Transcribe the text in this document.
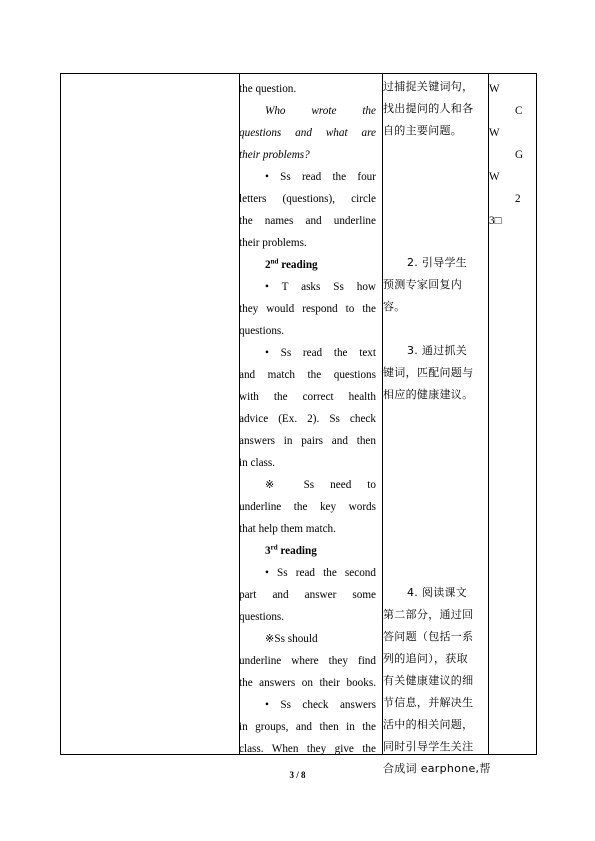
the question.
Who wrote the
questions and what are
their problems?
• Ss read the four
letters (questions), circle
the names and underline
their problems.
2nd reading
• T asks Ss how
they would respond to the
questions.
• Ss read the text
and match the questions
with the correct health
advice (Ex. 2). Ss check
answers in pairs and then
in class.
※ Ss need to
underline the key words
that help them match.
3rd reading
• Ss read the second
part and answer some
questions.
※Ss should
underline where they find
the answers on their books.
• Ss check answers
in groups, and then in the
class. When they give the
过捕捉关键词句，
找出提问的人和各
自的主要问题。
2. 引导学生
预测专家回复内
容。
3. 通过抓关
键词，匹配问题与
相应的健康建议。
4. 阅读课文
第二部分，通过回
答问题（包括一系
列的追问），获取
有关健康建议的细
节信息，并解决生
活中的相关问题，
同时引导学生关注
合成词 earphone,帮
W
C
W
G
W
2
3□
3 / 8
